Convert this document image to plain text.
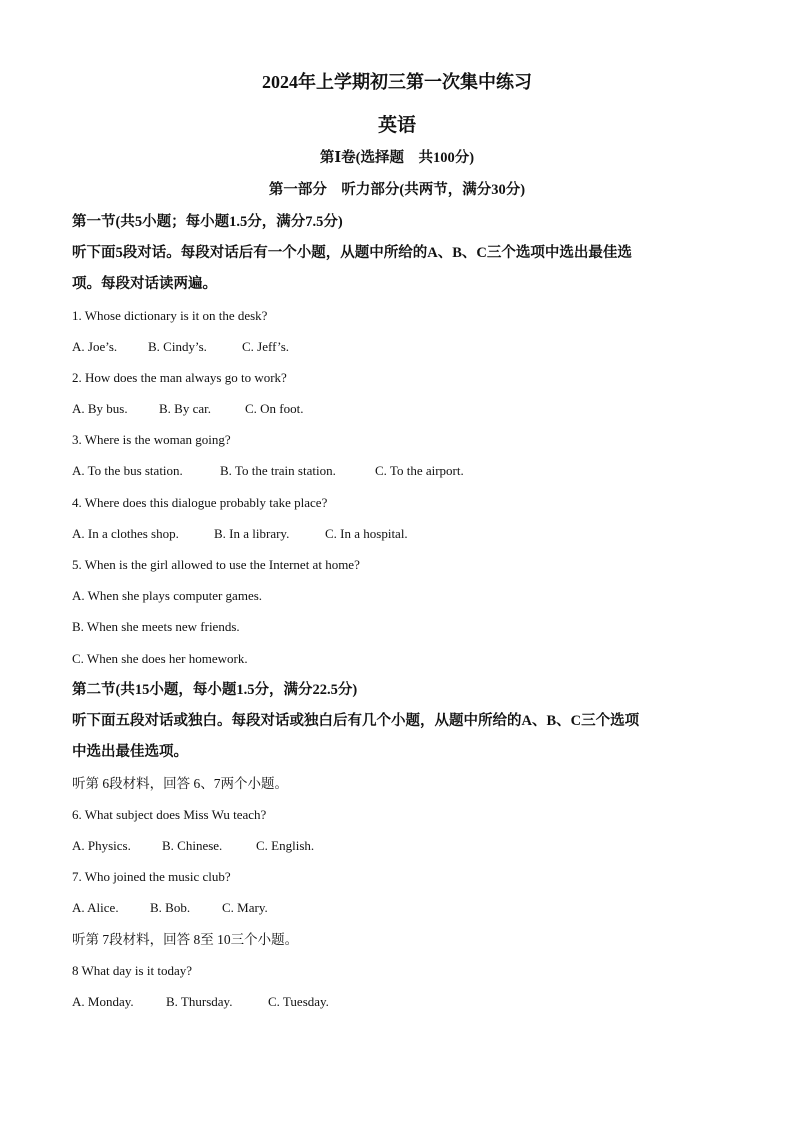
2024年上学期初三第一次集中练习
英语
第Ⅰ卷(选择题　共100分)
第一部分　听力部分(共两节，满分30分)
第一节(共5小题；每小题1.5分，满分7.5分)
听下面5段对话。每段对话后有一个小题，从题中所给的A、B、C三个选项中选出最佳选
项。每段对话读两遍。
1. Whose dictionary is it on the desk?
A. Joe’s. B. Cindy’s.	C. Jeff’s.
2. How does the man always go to work?
A. By bus. B. By car.	C. On foot.
3. Where is the woman going?
A. To the bus station.	B. To the train station.	C. To the airport.
4. Where does this dialogue probably take place?
A. In a clothes shop.	B. In a library.	C. In a hospital.
5. When is the girl allowed to use the Internet at home?
A. When she plays computer games.
B. When she meets new friends.
C. When she does her homework.
第二节(共15小题，每小题1.5分，满分22.5分)
听下面五段对话或独白。每段对话或独白后有几个小题，从题中所给的A、B、C三个选项
中选出最佳选项。
听第 6段材料，回答 6、7两个小题。
6. What subject does Miss Wu teach?
A. Physics. B. Chinese.	C. English.
7. Who joined the music club?
A. Alice. B. Bob. C. Mary.
听第 7段材料，回答 8至 10三个小题。
8 What day is it today?
A. Monday. B. Thursday.	C. Tuesday.
